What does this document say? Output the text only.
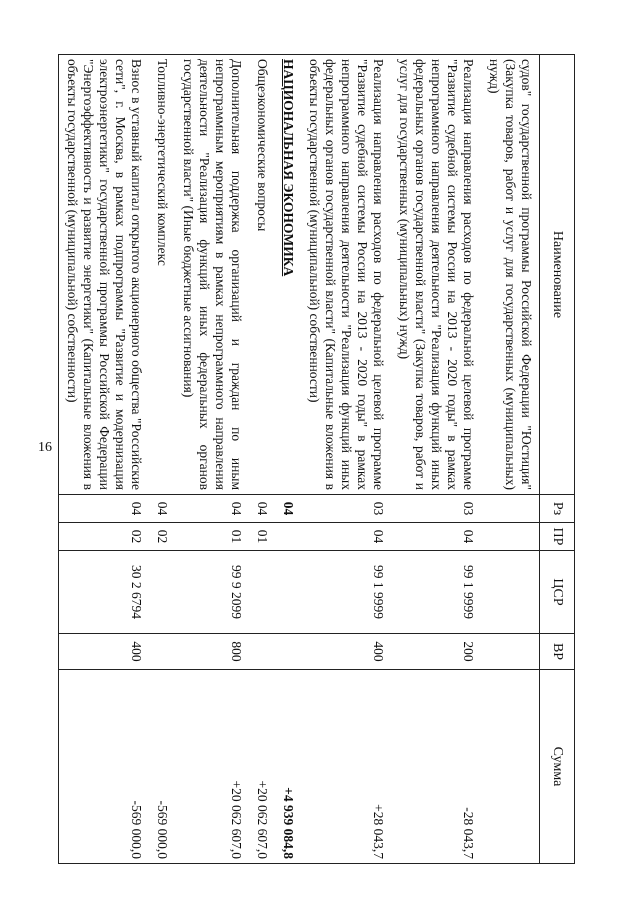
16
Наименование	Рз	ПР	ЦСР	ВР	Сумма
судов" государственной программы Российской Федерации "Юстиция" (Закупка товаров, работ и услуг для государственных (муниципальных) нужд)					
Реализация направления расходов по федеральной целевой программе "Развитие судебной системы России на 2013 - 2020 годы" в рамках непрограммного направления деятельности "Реализация функций иных федеральных органов государственной власти" (Закупка товаров, работ и услуг для государственных (муниципальных) нужд)	03	04	99 1 9999	200	-28 043,7
Реализация направления расходов по федеральной целевой программе "Развитие судебной системы России на 2013 - 2020 годы" в рамках непрограммного направления деятельности "Реализация функций иных федеральных органов государственной власти" (Капитальные вложения в объекты государственной (муниципальной) собственности)	03	04	99 1 9999	400	+28 043,7
НАЦИОНАЛЬНАЯ ЭКОНОМИКА	04				+4 939 084,8
Общеэкономические вопросы	04	01			+20 062 607,0
Дополнительная поддержка организаций и граждан по иным непрограммным мероприятиям в рамках непрограммного направления деятельности "Реализация функций иных федеральных органов государственной власти" (Иные бюджетные ассигнования)	04	01	99 9 2099	800	+20 062 607,0
Топливно-энергетический комплекс	04	02			-569 000,0
Взнос в уставный капитал открытого акционерного общества "Российские сети", г. Москва, в рамках подпрограммы "Развитие и модернизация электроэнергетики" государственной программы Российской Федерации "Энергоэффективность и развитие энергетики" (Капитальные вложения в объекты государственной (муниципальной) собственности)	04	02	30 2 6794	400	-569 000,0
